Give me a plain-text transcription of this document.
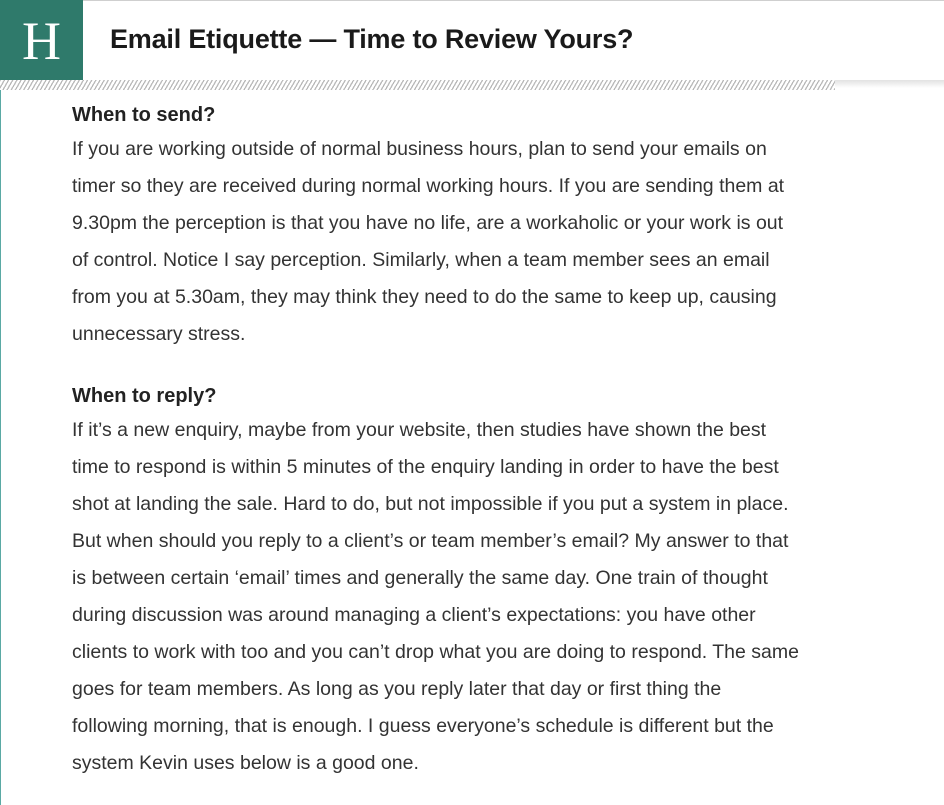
H Email Etiquette — Time to Review Yours?
When to send?

If you are working outside of normal business hours, plan to send your emails on
timer so they are received during normal working hours. If you are sending them at
9.30pm the perception is that you have no life, are a workaholic or your work is out
of control. Notice I say perception. Similarly, when a team member sees an email
from you at 5.30am, they may think they need to do the same to keep up, causing
unnecessary stress.

When to reply?

If it’s a new enquiry, maybe from your website, then studies have shown the best
time to respond is within 5 minutes of the enquiry landing in order to have the best
shot at landing the sale. Hard to do, but not impossible if you put a system in place.
But when should you reply to a client’s or team member’s email? My answer to that
is between certain ‘email’ times and generally the same day. One train of thought
during discussion was around managing a client’s expectations: you have other
clients to work with too and you can’t drop what you are doing to respond. The same
goes for team members. As long as you reply later that day or first thing the
following morning, that is enough. I guess everyone’s schedule is different but the
system Kevin uses below is a good one.
